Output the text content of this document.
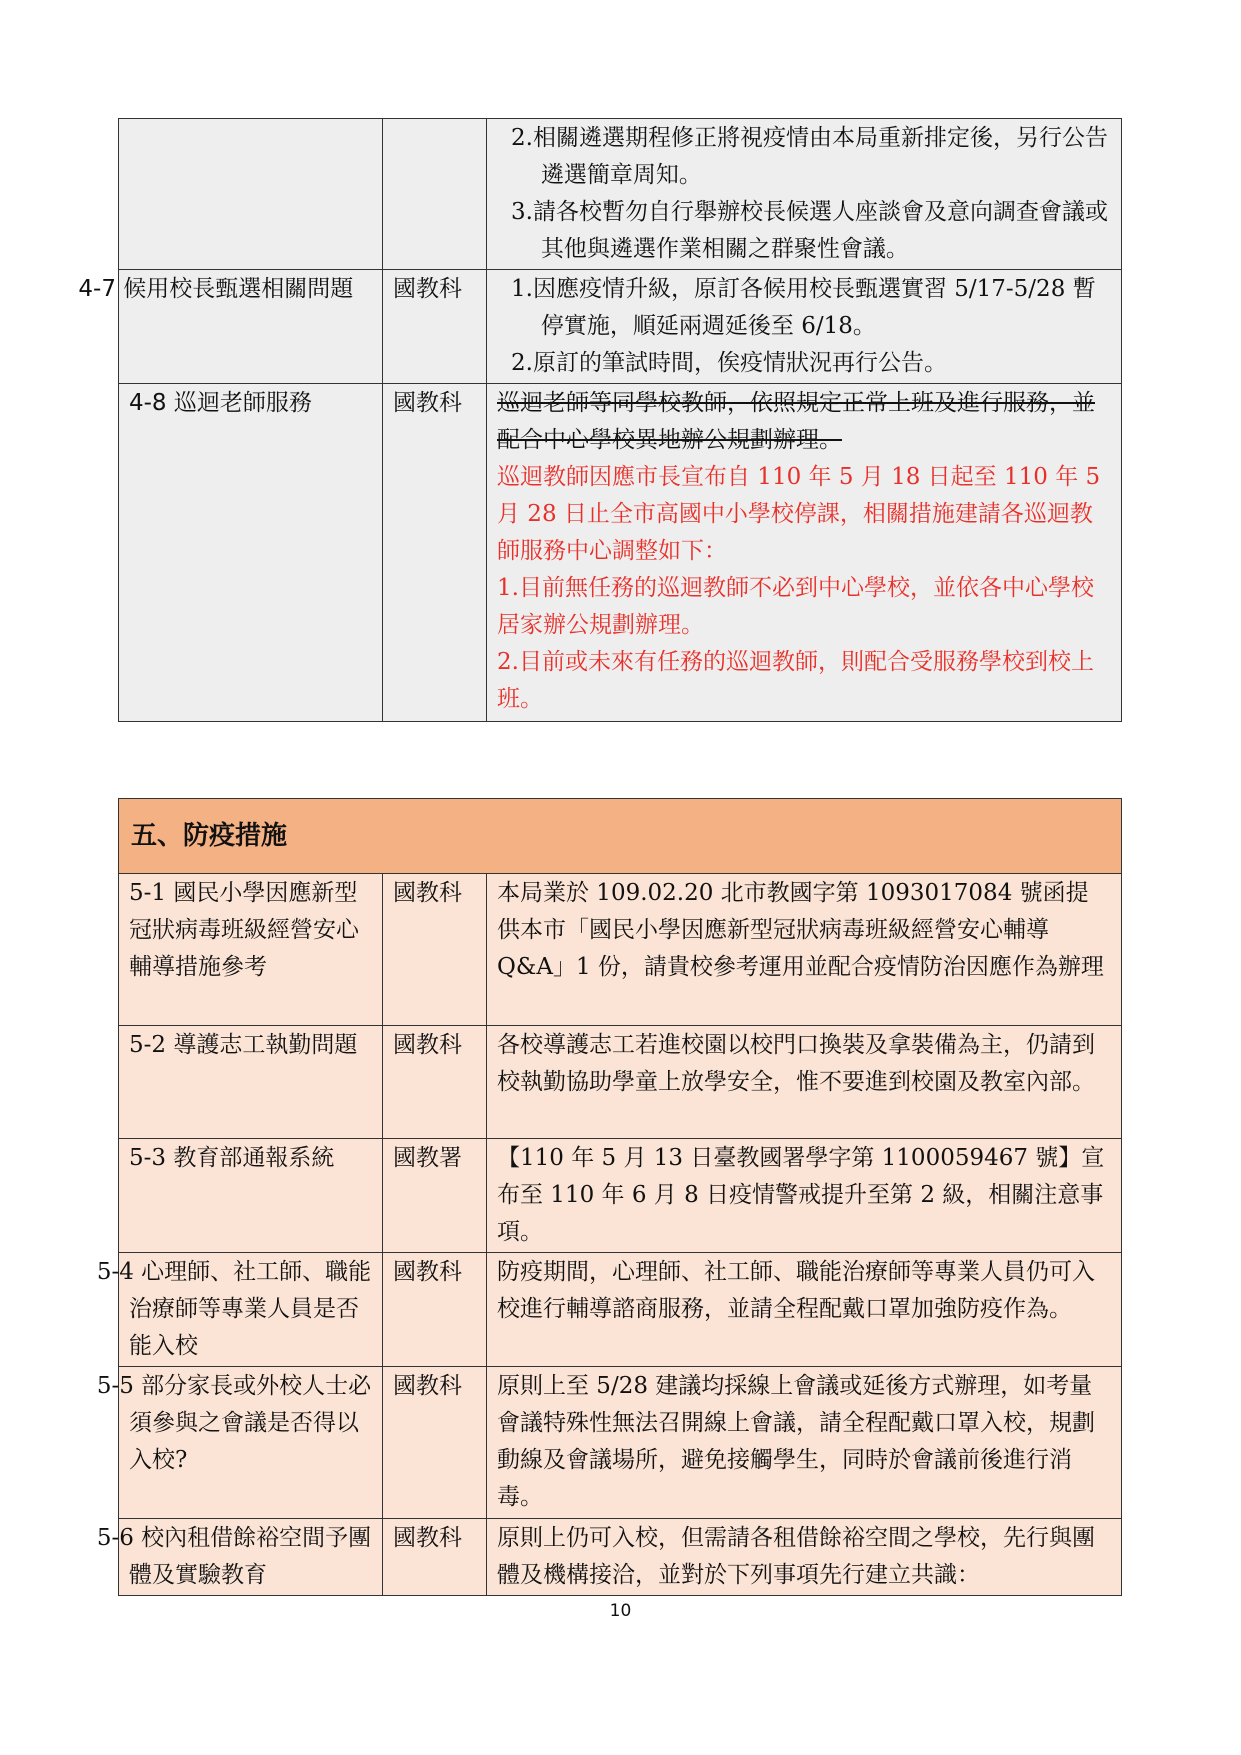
		2.相關遴選期程修正將視疫情由本局重新排定後，另行公告遴選簡章周知。

3.請各校暫勿自行舉辦校長候選人座談會及意向調查會議或其他與遴選作業相關之群聚性會議。

4-7 候用校長甄選相關問題	國教科	1.因應疫情升級，原訂各候用校長甄選實習 5/17-5/28 暫停實施，順延兩週延後至 6/18。

2.原訂的筆試時間，俟疫情狀況再行公告。

4-8 巡迴老師服務	國教科	巡迴老師等同學校教師，依照規定正常上班及進行服務，並配合中心學校異地辦公規劃辦理。

巡迴教師因應市長宣布自 110 年 5 月 18 日起至 110 年 5 月 28 日止全市高國中小學校停課，相關措施建請各巡迴教師服務中心調整如下：

1.目前無任務的巡迴教師不必到中心學校，並依各中心學校居家辦公規劃辦理。

2.目前或未來有任務的巡迴教師，則配合受服務學校到校上班。

五、防疫措施		
5-1 國民小學因應新型冠狀病毒班級經營安心輔導措施參考	國教科	本局業於 109.02.20 北市教國字第 1093017084 號函提供本市「國民小學因應新型冠狀病毒班級經營安心輔導 Q&A」1 份，請貴校參考運用並配合疫情防治因應作為辦理
5-2 導護志工執勤問題	國教科	各校導護志工若進校園以校門口換裝及拿裝備為主，仍請到校執勤協助學童上放學安全，惟不要進到校園及教室內部。
5-3 教育部通報系統	國教署	【110 年 5 月 13 日臺教國署學字第 1100059467 號】宣布至 110 年 6 月 8 日疫情警戒提升至第 2 級，相關注意事項。
5-4 心理師、社工師、職能治療師等專業人員是否能入校	國教科	防疫期間，心理師、社工師、職能治療師等專業人員仍可入校進行輔導諮商服務，並請全程配戴口罩加強防疫作為。
5-5 部分家長或外校人士必須參與之會議是否得以入校?	國教科	原則上至 5/28 建議均採線上會議或延後方式辦理，如考量會議特殊性無法召開線上會議，請全程配戴口罩入校，規劃動線及會議場所，避免接觸學生，同時於會議前後進行消毒。
5-6 校內租借餘裕空間予團體及實驗教育	國教科	原則上仍可入校，但需請各租借餘裕空間之學校，先行與團體及機構接洽，並對於下列事項先行建立共識：
10
